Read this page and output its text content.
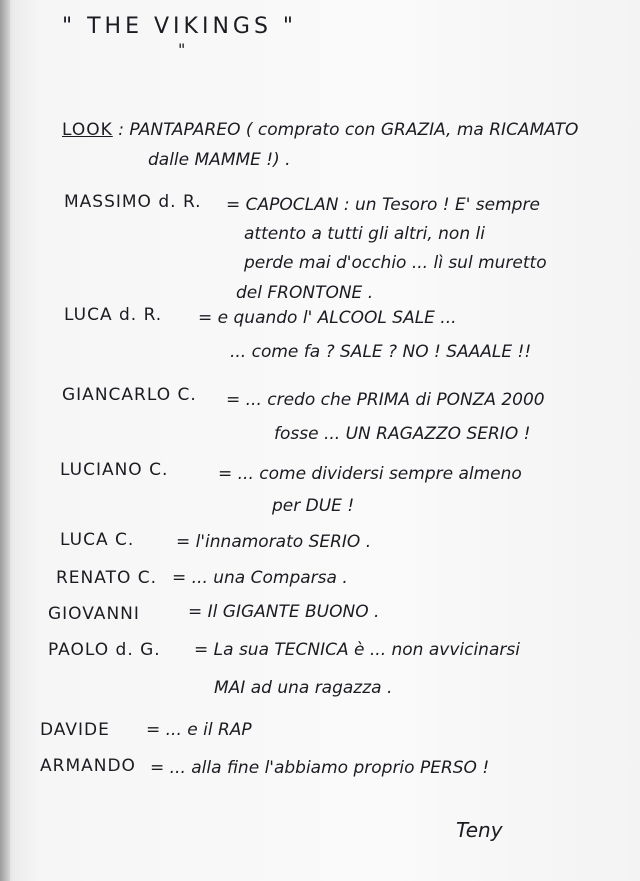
" THE VIKINGS "
"
LOOK : PANTAPAREO ( comprato con GRAZIA, ma RICAMATO
dalle MAMME !) .
MASSIMO d. R. = CAPOCLAN : un Tesoro ! E' sempre
attento a tutti gli altri, non li
perde mai d'occhio ... lì sul muretto
del FRONTONE .
LUCA d. R. = e quando l' ALCOOL SALE ...
... come fa ? SALE ? NO ! SAAALE !!
GIANCARLO C. = ... credo che PRIMA di PONZA 2000
fosse ... UN RAGAZZO SERIO !
LUCIANO C.	= ... come dividersi sempre almeno
per DUE !
LUCA C. = l'innamorato SERIO .
RENATO C. = ... una Comparsa .
GIOVANNI	= Il GIGANTE BUONO .
PAOLO d. G. = La sua TECNICA è ... non avvicinarsi
MAI ad una ragazza .
DAVIDE = ... e il RAP
ARMANDO = ... alla fine l'abbiamo proprio PERSO !
Teny
